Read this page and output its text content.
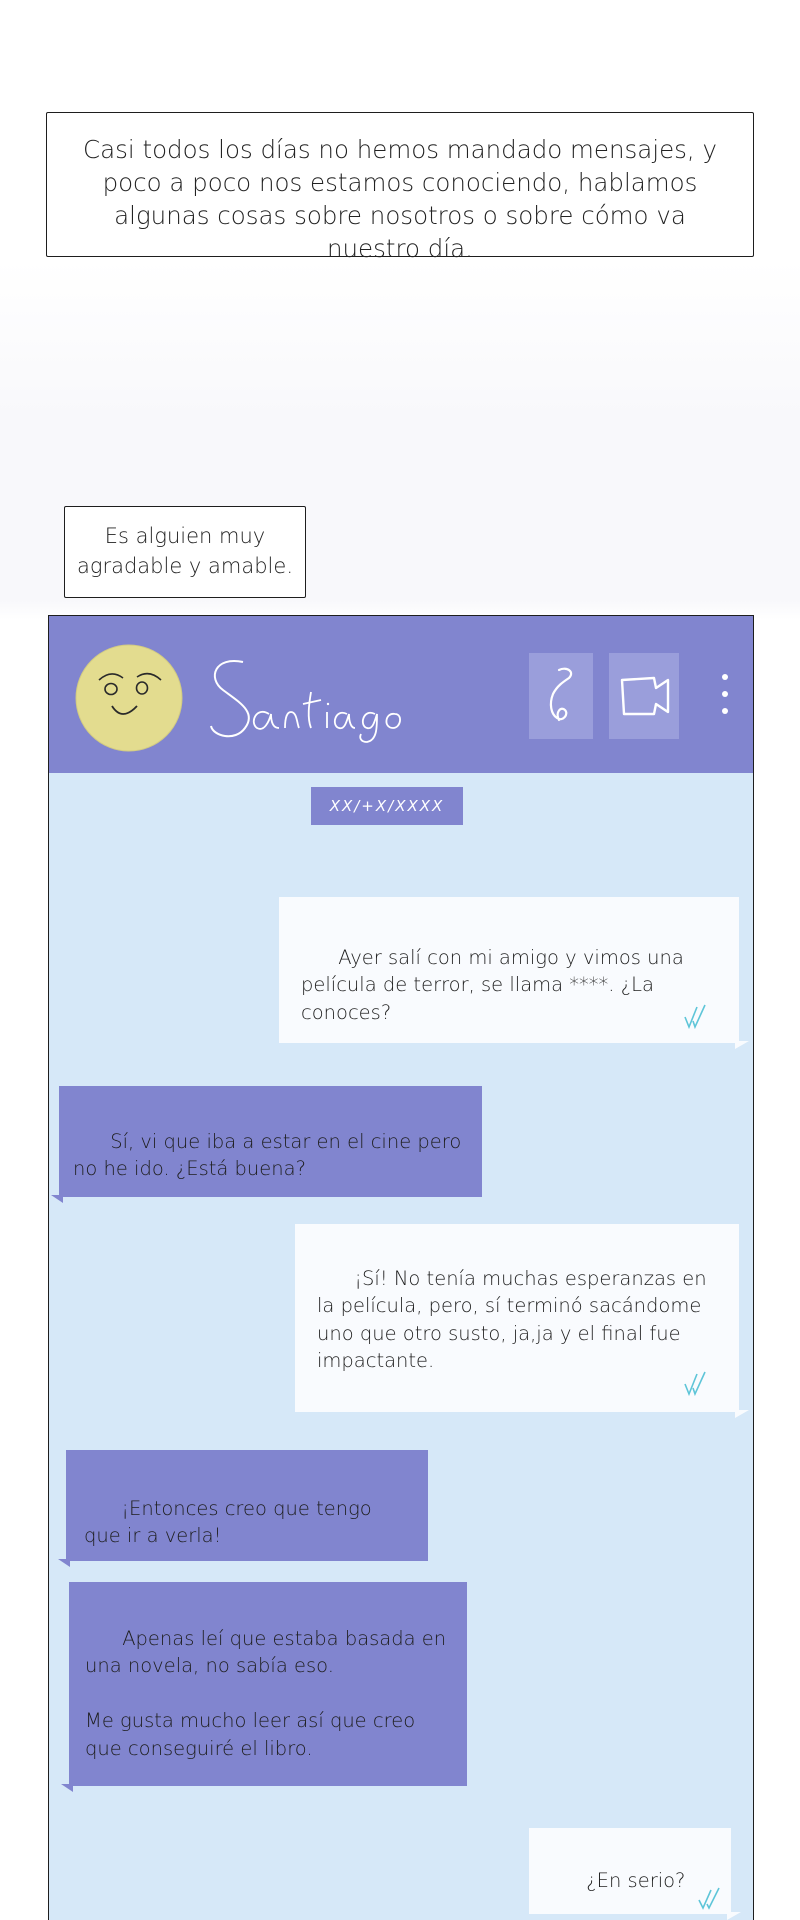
Casi todos los días no hemos mandado mensajes, y poco a poco nos estamos conociendo, hablamos algunas cosas sobre nosotros o sobre cómo va nuestro día.
Es alguien muy agradable y amable.
Santiago
XX/+X/XXXX

Ayer salí con mi amigo y vimos una película de terror, se llama ****. ¿La conoces?

Sí, vi que iba a estar en el cine pero no he ido. ¿Está buena?

¡Sí! No tenía muchas esperanzas en la película, pero, sí terminó sacándome uno que otro susto, ja,ja y el final fue impactante.

¡Entonces creo que tengo que ir a verla!

Apenas leí que estaba basada en una novela, no sabía eso.

Me gusta mucho leer así que creo que conseguiré el libro.

¿En serio?
